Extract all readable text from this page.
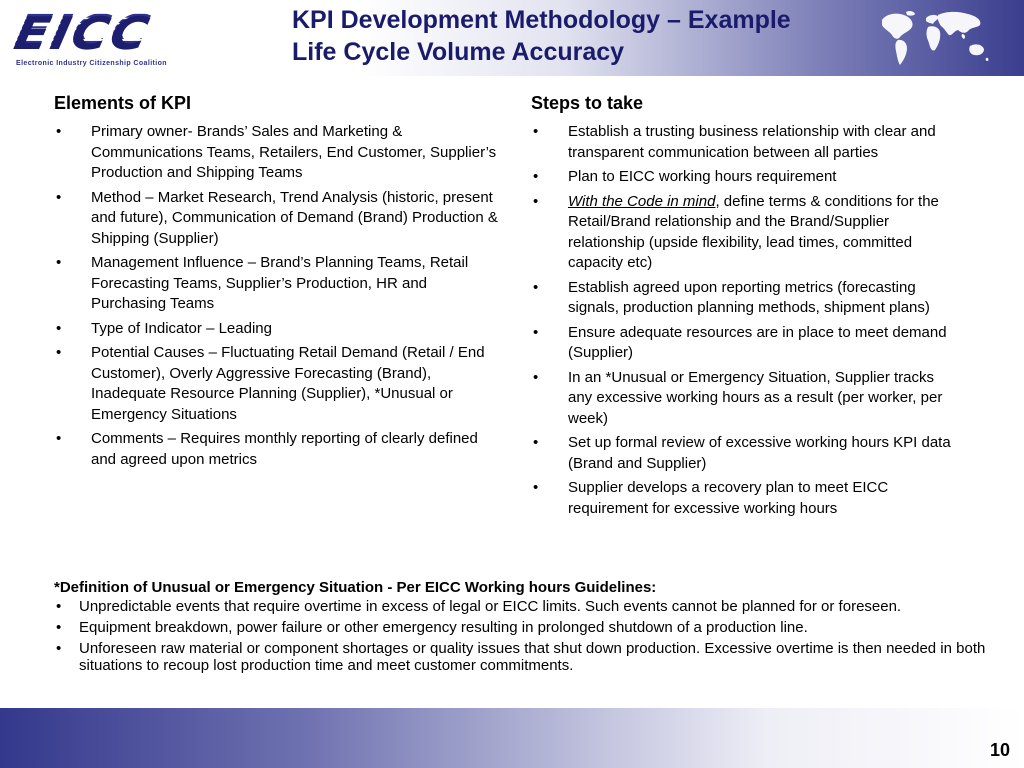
EICC
Electronic Industry Citizenship Coalition
KPI Development Methodology – Example
Life Cycle Volume Accuracy
Elements of KPI
• Primary owner- Brands’ Sales and Marketing & Communications Teams, Retailers, End Customer, Supplier’s Production and Shipping Teams
• Method – Market Research, Trend Analysis (historic, present and future), Communication of Demand (Brand) Production & Shipping (Supplier)
• Management Influence – Brand’s Planning Teams, Retail Forecasting Teams, Supplier’s Production, HR and Purchasing Teams
• Type of Indicator – Leading
• Potential Causes – Fluctuating Retail Demand (Retail / End Customer), Overly Aggressive Forecasting (Brand), Inadequate Resource Planning (Supplier), *Unusual or Emergency Situations
• Comments – Requires monthly reporting of clearly defined and agreed upon metrics
Steps to take
• Establish a trusting business relationship with clear and transparent communication between all parties
• Plan to EICC working hours requirement
• With the Code in mind, define terms & conditions for the Retail/Brand relationship and the Brand/Supplier relationship (upside flexibility, lead times, committed capacity etc)
• Establish agreed upon reporting metrics (forecasting signals, production planning methods, shipment plans)
• Ensure adequate resources are in place to meet demand (Supplier)
• In an *Unusual or Emergency Situation, Supplier tracks any excessive working hours as a result (per worker, per week)
• Set up formal review of excessive working hours KPI data (Brand and Supplier)
• Supplier develops a recovery plan to meet EICC requirement for excessive working hours
*Definition of Unusual or Emergency Situation - Per EICC Working hours Guidelines:
• Unpredictable events that require overtime in excess of legal or EICC limits. Such events cannot be planned for or foreseen.
• Equipment breakdown, power failure or other emergency resulting in prolonged shutdown of a production line.
• Unforeseen raw material or component shortages or quality issues that shut down production. Excessive overtime is then needed in both situations to recoup lost production time and meet customer commitments.
10
